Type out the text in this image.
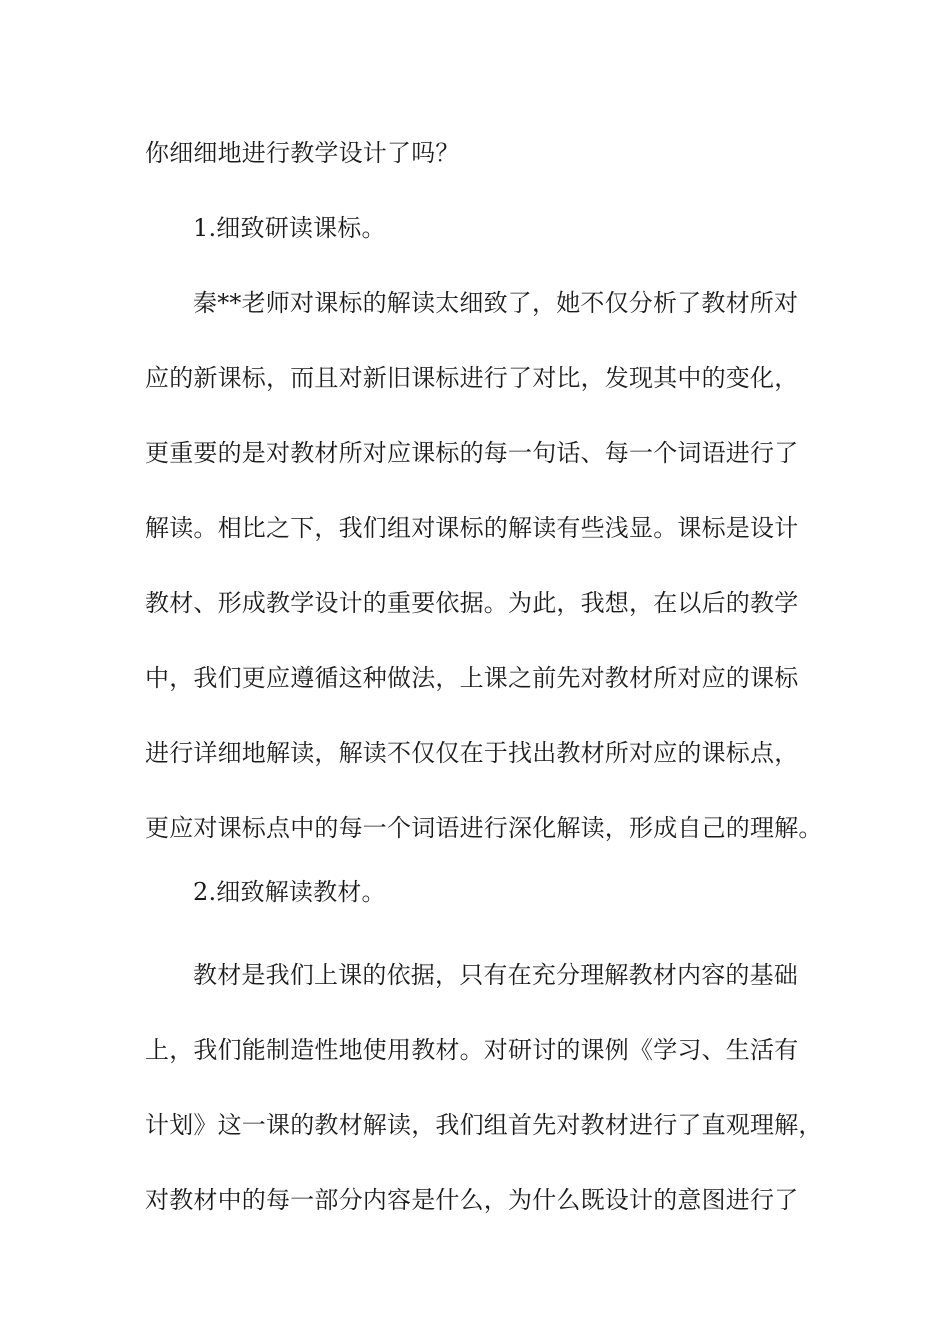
你细细地进行教学设计了吗？
1.细致研读课标。
秦**老师对课标的解读太细致了，她不仅分析了教材所对
应的新课标，而且对新旧课标进行了对比，发现其中的变化，
更重要的是对教材所对应课标的每一句话、每一个词语进行了
解读。相比之下，我们组对课标的解读有些浅显。课标是设计
教材、形成教学设计的重要依据。为此，我想，在以后的教学
中，我们更应遵循这种做法，上课之前先对教材所对应的课标
进行详细地解读，解读不仅仅在于找出教材所对应的课标点，
更应对课标点中的每一个词语进行深化解读，形成自己的理解。
2.细致解读教材。
教材是我们上课的依据，只有在充分理解教材内容的基础
上，我们能制造性地使用教材。对研讨的课例《学习、生活有
计划》这一课的教材解读，我们组首先对教材进行了直观理解，
对教材中的每一部分内容是什么，为什么既设计的意图进行了
